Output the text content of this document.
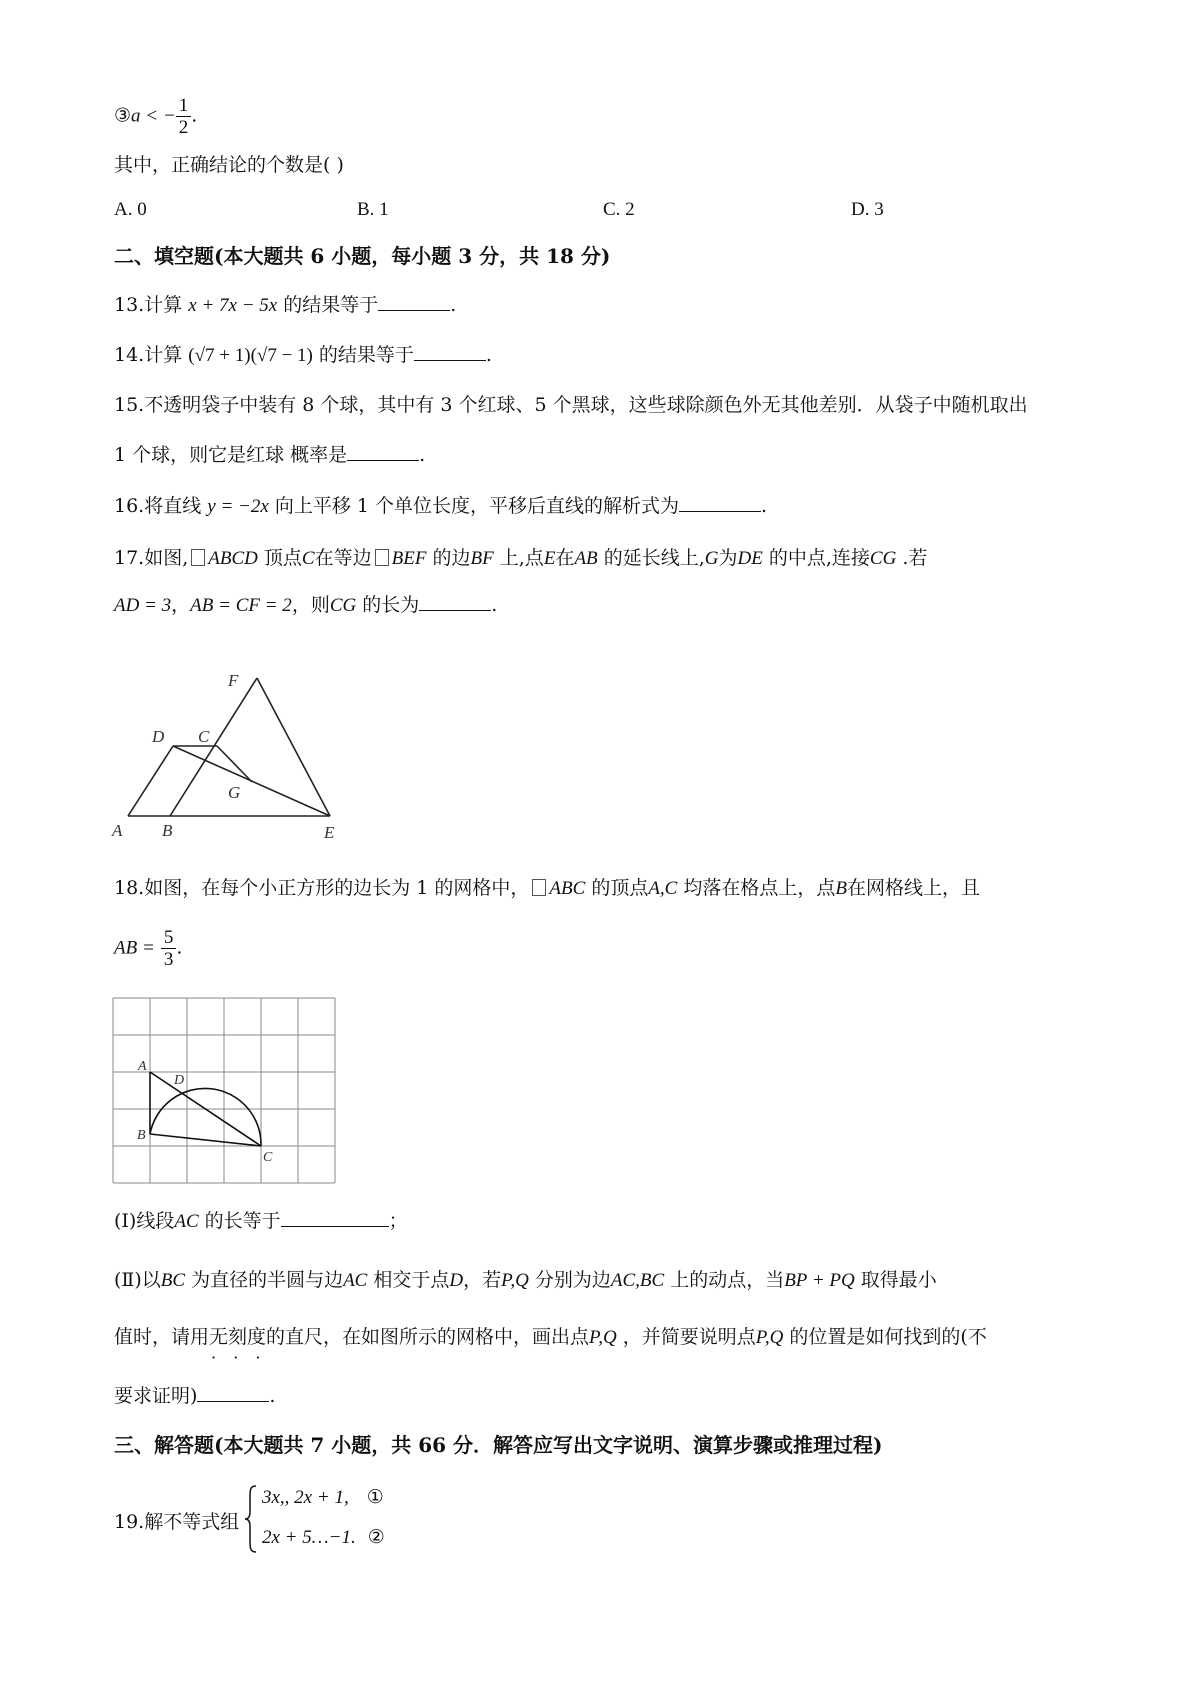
③a < − $\frac{1}{2}$ .
其中，正确结论的个数是( )
A. 0	B. 1	C. 2	D. 3
二、填空题(本大题共 6 小题，每小题 3 分，共 18 分)
13.计算 x + 7x − 5x 的结果等于	.
14.计算 (√7 + 1)(√7 − 1) 的结果等于	.
15.不透明袋子中装有 8 个球，其中有 3 个红球、5 个黑球，这些球除颜色外无其他差别．从袋子中随机取出
1 个球，则它是红球 概率是	.
16.将直线 y = −2x 向上平移 1 个单位长度，平移后直线的解析式为	.
17.如图, ABCD 顶点C在等边 BEF 的边BF 上,点E在AB 的延长线上,G为DE 的中点,连接CG .若
AD = 3，AB = CF = 2，则CG 的长为	.
A B	E
D C
F
G
18.如图，在每个小正方形的边长为 1 的网格中， ABC 的顶点A,C 均落在格点上，点B在网格线上，且
AB = $\frac{5}{3}$ .
A
D
B
C
(Ⅰ)线段AC 的长等于	；
(Ⅱ)以BC 为直径的半圆与边AC 相交于点D，若P,Q 分别为边AC,BC 上的动点，当BP + PQ 取得最小
值时，请用无刻度 · · ·的直尺，在如图所示的网格中，画出点P,Q ，并简要说明点P,Q 的位置是如何找到的(不
要求证明)	.
三、解答题(本大题共 7 小题，共 66 分．解答应写出文字说明、演算步骤或推理过程)
19.解不等式组
3x,, 2x + 1, ①
2x + 5…−1. ②
